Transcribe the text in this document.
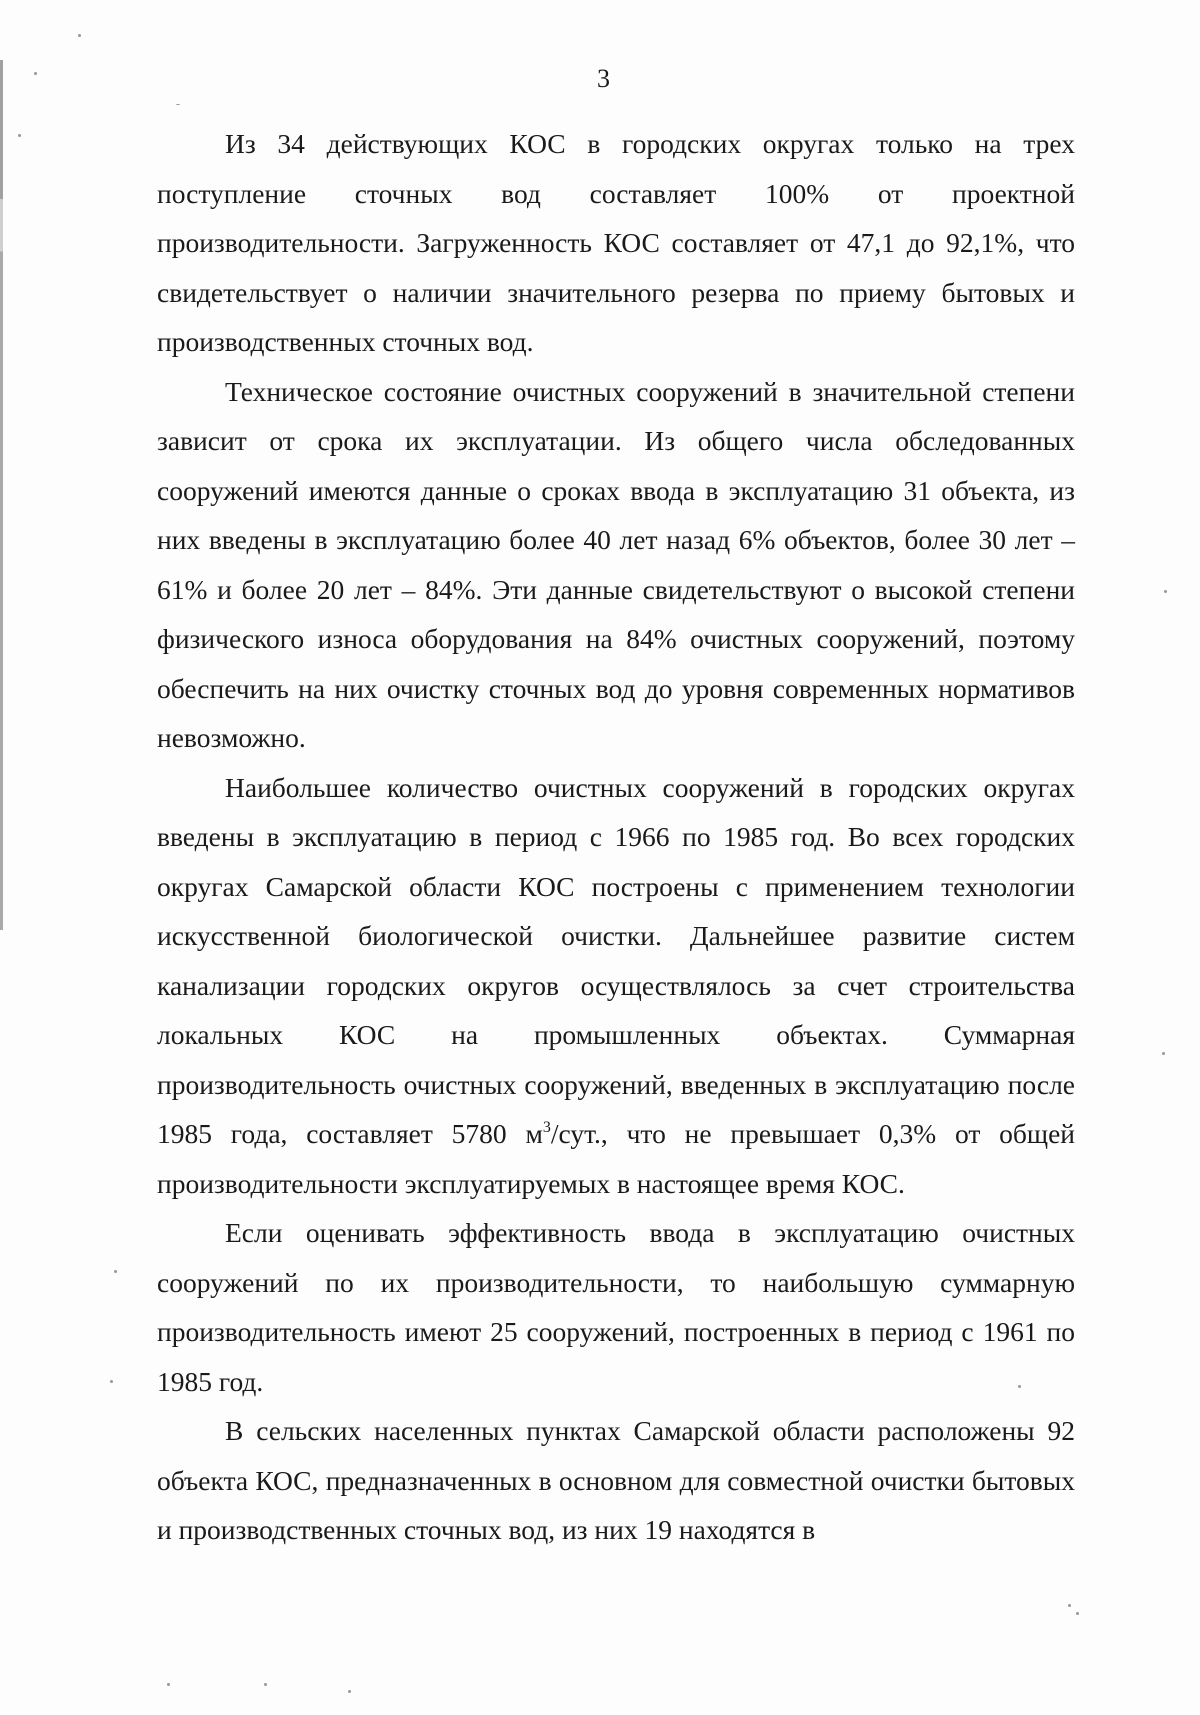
3

Из 34 действующих КОС в городских округах только на трех поступление сточных вод составляет 100% от проектной производительности. Загруженность КОС составляет от 47,1 до 92,1%, что свидетельствует о наличии значительного резерва по приему бытовых и производственных сточных вод.

Техническое состояние очистных сооружений в значительной степени зависит от срока их эксплуатации. Из общего числа обследованных сооружений имеются данные о сроках ввода в эксплуатацию 31 объекта, из них введены в эксплуатацию более 40 лет назад 6% объектов, более 30 лет – 61% и более 20 лет – 84%. Эти данные свидетельствуют о высокой степени физического износа оборудования на 84% очистных сооружений, поэтому обеспечить на них очистку сточных вод до уровня современных нормативов невозможно.

Наибольшее количество очистных сооружений в городских округах введены в эксплуатацию в период с 1966 по 1985 год. Во всех городских округах Самарской области КОС построены с применением технологии искусственной биологической очистки. Дальнейшее развитие систем канализации городских округов осуществлялось за счет строительства локальных КОС на промышленных объектах. Суммарная производительность очистных сооружений, введенных в эксплуатацию после 1985 года, составляет 5780 $м^3$/сут., что не превышает 0,3% от общей производительности эксплуатируемых в настоящее время КОС.

Если оценивать эффективность ввода в эксплуатацию очистных сооружений по их производительности, то наибольшую суммарную производительность имеют 25 сооружений, построенных в период с 1961 по 1985 год.

В сельских населенных пунктах Самарской области расположены 92 объекта КОС, предназначенных в основном для совместной очистки бытовых и производственных сточных вод, из них 19 находятся в
